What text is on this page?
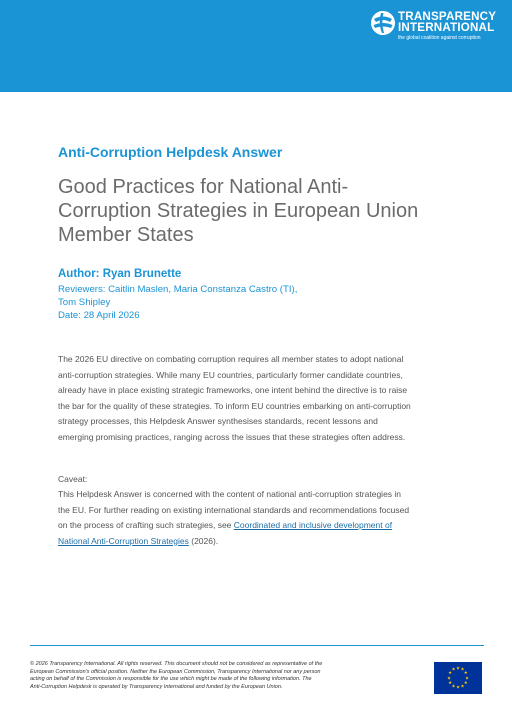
TRANSPARENCY
INTERNATIONAL
the global coalition against corruption
Anti-Corruption Helpdesk Answer
Good Practices for National Anti-
Corruption Strategies in European Union
Member States
Author: Ryan Brunette
Reviewers: Caitlin Maslen, Maria Constanza Castro (TI),
Tom Shipley
Date: 28 April 2026
The 2026 EU directive on combating corruption requires all member states to adopt national
anti-corruption strategies. While many EU countries, particularly former candidate countries,
already have in place existing strategic frameworks, one intent behind the directive is to raise
the bar for the quality of these strategies. To inform EU countries embarking on anti-corruption
strategy processes, this Helpdesk Answer synthesises standards, recent lessons and
emerging promising practices, ranging across the issues that these strategies often address.
Caveat:
This Helpdesk Answer is concerned with the content of national anti-corruption strategies in
the EU. For further reading on existing international standards and recommendations focused
on the process of crafting such strategies, see Coordinated and inclusive development of
National Anti-Corruption Strategies (2026).
© 2026 Transparency International. All rights reserved. This document should not be considered as representative of the
European Commission's official position. Neither the European Commission, Transparency International nor any person
acting on behalf of the Commission is responsible for the use which might be made of the following information. The
Anti-Corruption Helpdesk is operated by Transparency International and funded by the European Union.
★ ★
★
★
★
★
★
★
★
★
★
★
